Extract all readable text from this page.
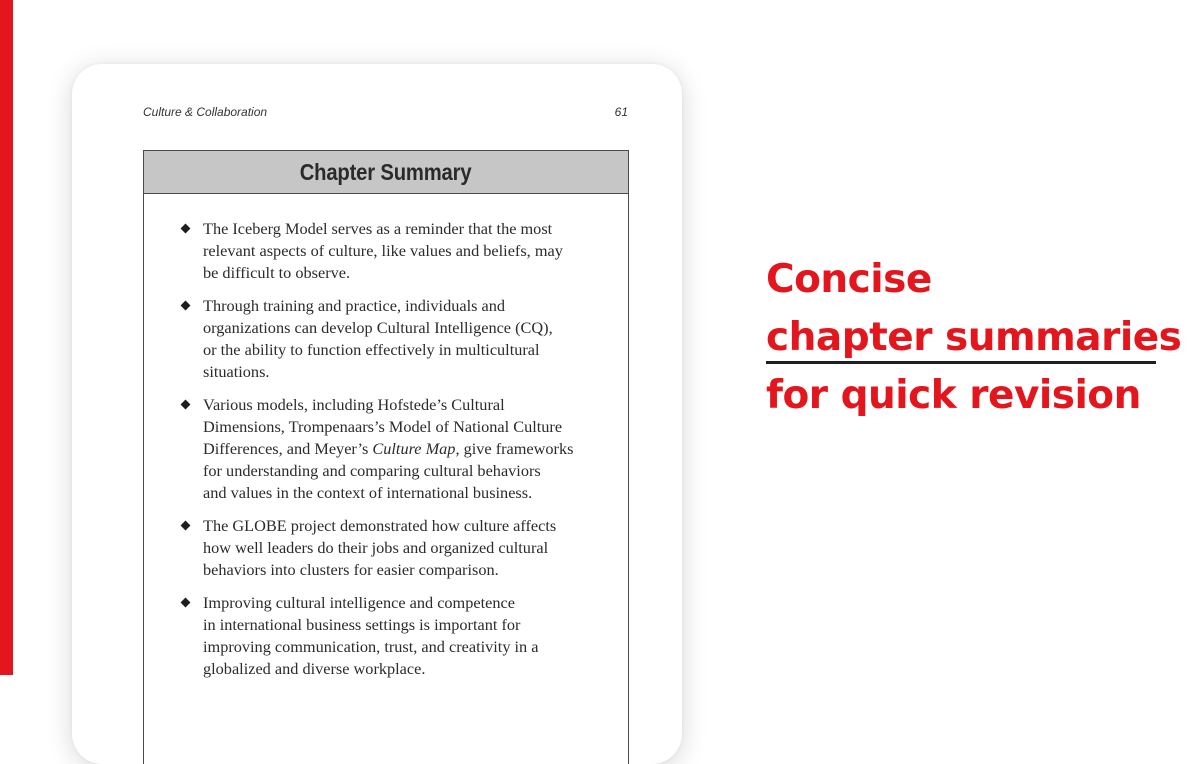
Culture & Collaboration	61
Chapter Summary
The Iceberg Model serves as a reminder that the most
relevant aspects of culture, like values and beliefs, may
be difficult to observe.
Through training and practice, individuals and
organizations can develop Cultural Intelligence (CQ),
or the ability to function effectively in multicultural
situations.
Various models, including Hofstede’s Cultural
Dimensions, Trompenaars’s Model of National Culture
Differences, and Meyer’s Culture Map, give frameworks
for understanding and comparing cultural behaviors
and values in the context of international business.
The GLOBE project demonstrated how culture affects
how well leaders do their jobs and organized cultural
behaviors into clusters for easier comparison.
Improving cultural intelligence and competence
in international business settings is important for
improving communication, trust, and creativity in a
globalized and diverse workplace.
Concise
chapter summaries
for quick revision
